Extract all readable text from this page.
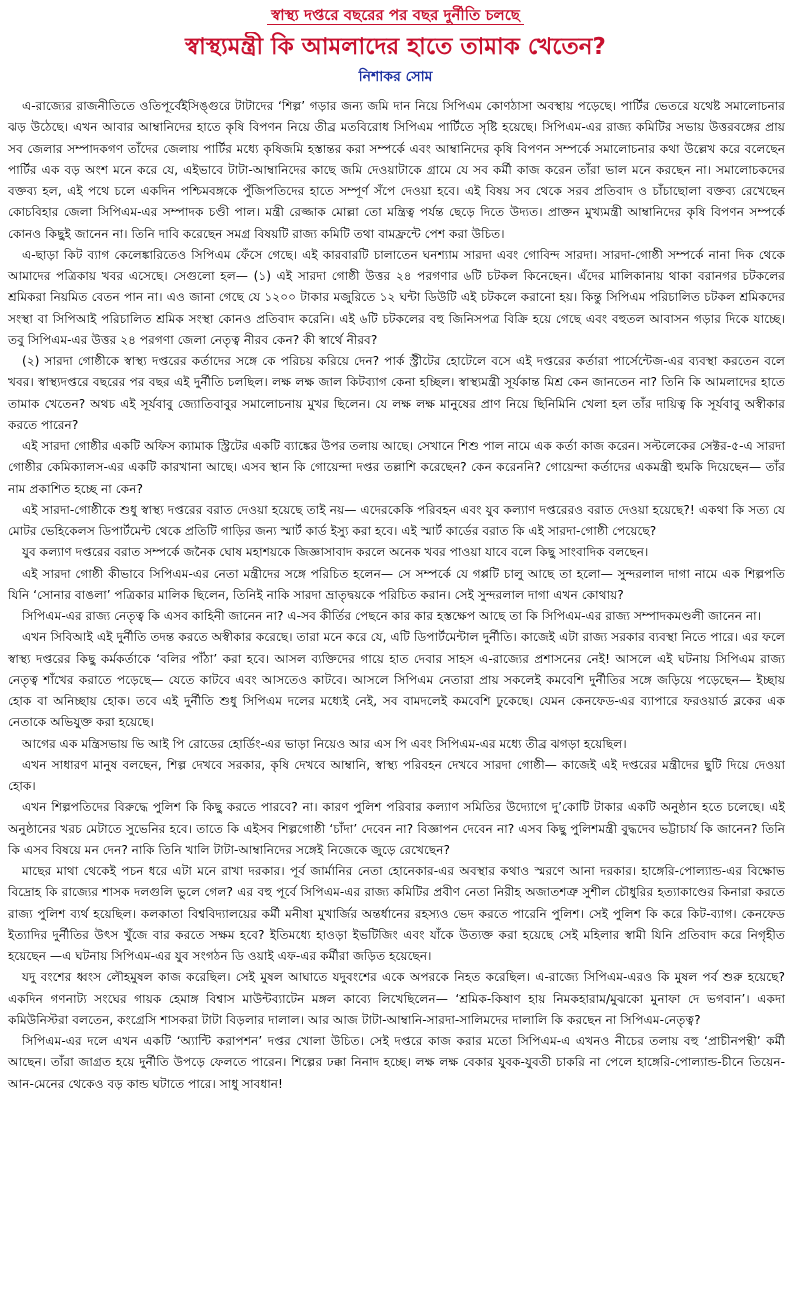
স্বাস্থ্য দপ্তরে বছরের পর বছর দুর্নীতি চলছে
স্বাস্থ্যমন্ত্রী কি আমলাদের হাতে তামাক খেতেন?
নিশাকর সোম

এ-রাজ্যের রাজনীতিতে ওতিপূর্বেইসিঙ্গুরে টাটাদের ‘শিল্প’ গড়ার জন্য জমি দান নিয়ে সিপিএম কোণঠাসা অবস্থায় পড়েছে। পার্টির ভেতরে যথেষ্ট সমালোচনার ঝড় উঠেছে। এখন আবার আম্বানিদের হাতে কৃষি বিপণন নিয়ে তীব্র মতবিরোধ সিপিএম পার্টিতে সৃষ্টি হয়েছে। সিপিএম-এর রাজ্য কমিটির সভায় উত্তরবঙ্গের প্রায় সব জেলার সম্পাদকগণ তাঁদের জেলায় পার্টির মধ্যে কৃষিজমি হস্তান্তর করা সম্পর্কে এবং আম্বানিদের কৃষি বিপণন সম্পর্কে সমালোচনার কথা উল্লেখ করে বলেছেন পার্টির এক বড় অংশ মনে করে যে, এইভাবে টাটা-আম্বানিদের কাছে জমি দেওয়াটাকে গ্রামে যে সব কর্মী কাজ করেন তাঁরা ভাল মনে করছেন না। সমালোচকদের বক্তব্য হল, এই পথে চলে একদিন পশ্চিমবঙ্গকে পুঁজিপতিদের হাতে সম্পূর্ণ সঁপে দেওয়া হবে। এই বিষয় সব থেকে সরব প্রতিবাদ ও চাঁচাছোলা বক্তব্য রেখেছেন কোচবিহার জেলা সিপিএম-এর সম্পাদক চণ্ডী পাল। মন্ত্রী রেজ্জাক মোল্লা তো মন্ত্রিত্ব পর্যন্ত ছেড়ে দিতে উদ্যত। প্রাক্তন মুখ্যমন্ত্রী আম্বানিদের কৃষি বিপণন সম্পর্কে কোনও কিছুই জানেন না। তিনি দাবি করেছেন সমগ্র বিষয়টি রাজ্য কমিটি তথা বামফ্রন্টে পেশ করা উচিত।

এ-ছাড়া কিট ব্যাগ কেলেঙ্কারিতেও সিপিএম ফেঁসে গেছে। এই কারবারটি চালাতেন ঘনশ্যাম সারদা এবং গোবিন্দ সারদা। সারদা-গোষ্ঠী সম্পর্কে নানা দিক থেকে আমাদের পত্রিকায় খবর এসেছে। সেগুলো হল— (১) এই সারদা গোষ্ঠী উত্তর ২৪ পরগণার ৬টি চটকল কিনেছেন। এঁদের মালিকানায় থাকা বরানগর চটকলের শ্রমিকরা নিয়মিত বেতন পান না। এও জানা গেছে যে ১২০০ টাকার মজুরিতে ১২ ঘন্টা ডিউটি এই চটকলে করানো হয়। কিন্তু সিপিএম পরিচালিত চটকল শ্রমিকদের সংস্থা বা সিপিআই পরিচালিত শ্রমিক সংস্থা কোনও প্রতিবাদ করেনি। এই ৬টি চটকলের বহু জিনিসপত্র বিক্রি হয়ে গেছে এবং বহুতল আবাসন গড়ার দিকে যাচ্ছে। তবু সিপিএম-এর উত্তর ২৪ পরগণা জেলা নেতৃত্ব নীরব কেন? কী স্বার্থে নীরব?

(২) সারদা গোষ্ঠীকে স্বাস্থ্য দপ্তরের কর্তাদের সঙ্গে কে পরিচয় করিয়ে দেন? পার্ক স্ট্রীটের হোটেলে বসে এই দপ্তরের কর্তারা পার্সেন্টেজ-এর ব্যবস্থা করতেন বলে খবর। স্বাস্থ্যদপ্তরে বছরের পর বছর এই দুর্নীতি চলছিল। লক্ষ লক্ষ জাল কিটব্যাগ কেনা হচ্ছিল। স্বাস্থ্যমন্ত্রী সূর্যকান্ত মিশ্র কেন জানতেন না? তিনি কি আমলাদের হাতে তামাক খেতেন? অথচ এই সূর্যবাবু জ্যোতিবাবুর সমালোচনায় মুখর ছিলেন। যে লক্ষ লক্ষ মানুষের প্রাণ নিয়ে ছিনিমিনি খেলা হল তাঁর দায়িত্ব কি সূর্যবাবু অস্বীকার করতে পারেন?

এই সারদা গোষ্ঠীর একটি অফিস ক্যামাক স্ট্রিটের একটি ব্যাঙ্কের উপর তলায় আছে। সেখানে শিশু পাল নামে এক কর্তা কাজ করেন। সল্টলেকের সেক্টর-৫-এ সারদা গোষ্ঠীর কেমিক্যালস-এর একটি কারখানা আছে। এসব স্থান কি গোয়েন্দা দপ্তর তল্লাশি করেছেন? কেন করেননি? গোয়েন্দা কর্তাদের একমন্ত্রী হুমকি দিয়েছেন— তাঁর নাম প্রকাশিত হচ্ছে না কেন?

এই সারদা-গোষ্ঠীকে শুধু স্বাস্থ্য দপ্তরের বরাত দেওয়া হয়েছে তাই নয়— এদেরকেকি পরিবহন এবং যুব কল্যাণ দপ্তরেরও বরাত দেওয়া হয়েছে?! একথা কি সত্য যে মোটর ভেহিকেলস ডিপার্টমেন্ট থেকে প্রতিটি গাড়ির জন্য স্মার্ট কার্ড ইস্যু করা হবে। এই স্মার্ট কার্ডের বরাত কি এই সারদা-গোষ্ঠী পেয়েছে?

যুব কল্যাণ দপ্তরের বরাত সম্পর্কে জনৈক ঘোষ মহাশয়কে জিজ্ঞাসাবাদ করলে অনেক খবর পাওয়া যাবে বলে কিছু সাংবাদিক বলছেন।

এই সারদা গোষ্ঠী কীভাবে সিপিএম-এর নেতা মন্ত্রীদের সঙ্গে পরিচিত হলেন— সে সম্পর্কে যে গপ্পটি চালু আছে তা হলো— সুন্দরলাল দাগা নামে এক শিল্পপতি যিনি ‘সোনার বাঙলা’ পত্রিকার মালিক ছিলেন, তিনিই নাকি সারদা ভ্রাতৃদ্বয়কে পরিচিত করান। সেই সুন্দরলাল দাগা এখন কোথায়?

সিপিএম-এর রাজ্য নেতৃত্ব কি এসব কাহিনী জানেন না? এ-সব কীর্তির পেছনে কার কার হস্তক্ষেপ আছে তা কি সিপিএম-এর রাজ্য সম্পাদকমণ্ডলী জানেন না।

এখন সিবিআই এই দুর্নীতি তদন্ত করতে অস্বীকার করেছে। তারা মনে করে যে, এটি ডিপার্টমেন্টাল দুর্নীতি। কাজেই এটা রাজ্য সরকার ব্যবস্থা নিতে পারে। এর ফলে স্বাস্থ্য দপ্তরের কিছু কর্মকর্তাকে ‘বলির পাঁঠা’ করা হবে। আসল ব্যক্তিদের গায়ে হাত দেবার সাহস এ-রাজ্যের প্রশাসনের নেই! আসলে এই ঘটনায় সিপিএম রাজ্য নেতৃত্ব শাঁখের করাতে পড়েছে— যেতে কাটবে এবং আসতেও কাটবে। আসলে সিপিএম নেতারা প্রায় সকলেই কমবেশি দুর্নীতির সঙ্গে জড়িয়ে পড়েছেন— ইচ্ছায় হোক বা অনিচ্ছায় হোক। তবে এই দুর্নীতি শুধু সিপিএম দলের মধ্যেই নেই, সব বামদলেই কমবেশি ঢুকেছে। যেমন কেনফেড-এর ব্যাপারে ফরওয়ার্ড ব্লকের এক নেতাকে অভিযুক্ত করা হয়েছে।

আগের এক মন্ত্রিসভায় ভি আই পি রোডের হোর্ডিং-এর ভাড়া নিয়েও আর এস পি এবং সিপিএম-এর মধ্যে তীব্র ঝগড়া হয়েছিল।

এখন সাধারণ মানুষ বলছেন, শিল্প দেখবে সরকার, কৃষি দেখবে আম্বানি, স্বাস্থ্য পরিবহন দেখবে সারদা গোষ্ঠী— কাজেই এই দপ্তরের মন্ত্রীদের ছুটি দিয়ে দেওয়া হোক।

এখন শিল্পপতিদের বিরুদ্ধে পুলিশ কি কিছু করতে পারবে? না। কারণ পুলিশ পরিবার কল্যাণ সমিতির উদ্যোগে দু’কোটি টাকার একটি অনুষ্ঠান হতে চলেছে। এই অনুষ্ঠানের খরচ মেটাতে সুভেনির হবে। তাতে কি এইসব শিল্পগোষ্ঠী ‘চাঁদা’ দেবেন না? বিজ্ঞাপন দেবেন না? এসব কিছু পুলিশমন্ত্রী বুদ্ধদেব ভট্টাচার্য কি জানেন? তিনি কি এসব বিষয়ে মন দেন? নাকি তিনি খালি টাটা-আম্বানিদের সঙ্গেই নিজেকে জুড়ে রেখেছেন?

মাছের মাথা থেকেই পচন ধরে এটা মনে রাখা দরকার। পূর্ব জার্মানির নেতা হোনেকার-এর অবস্থার কথাও স্মরণে আনা দরকার। হাঙ্গেরি-পোল্যান্ড-এর বিক্ষোভ বিদ্রোহ কি রাজ্যের শাসক দলগুলি ভুলে গেল? এর বহু পূর্বে সিপিএম-এর রাজ্য কমিটির প্রবীণ নেতা নিরীহ অজাতশত্রু সুশীল চৌধুরির হত্যাকাণ্ডের কিনারা করতে রাজ্য পুলিশ ব্যর্থ হয়েছিল। কলকাতা বিশ্ববিদ্যালয়ের কর্মী মনীষা মুখার্জির অন্তর্ধানের রহস্যও ভেদ করতে পারেনি পুলিশ। সেই পুলিশ কি করে কিট-ব্যাগ। কেনফেড ইত্যাদির দুর্নীতির উৎস খুঁজে বার করতে সক্ষম হবে? ইতিমধ্যে হাওড়া ইভটিজিং এবং যাঁকে উত্যক্ত করা হয়েছে সেই মহিলার স্বামী যিনি প্রতিবাদ করে নিগৃহীত হয়েছেন —এ ঘটনায় সিপিএম-এর যুব সংগঠন ডি ওয়াই এফ-এর কর্মীরা জড়িত হয়েছেন।

যদু বংশের ধ্বংস লৌহমুষল কাজ করেছিল। সেই মুষল আঘাতে যদুবংশের একে অপরকে নিহত করেছিল। এ-রাজ্যে সিপিএম-এরও কি মুষল পর্ব শুরু হয়েছে? একদিন গণনাট্য সংঘের গায়ক হেমাঙ্গ বিশ্বাস মাউন্টব্যাটেন মঙ্গল কাব্যে লিখেছিলেন— ‘শ্রমিক-কিষাণ হায় নিমকহারাম/মুঝকো মুনাফা দে ভগবান’। একদা কমিউনিস্টরা বলতেন, কংগ্রেসি শাসকরা টাটা বিড়লার দালাল। আর আজ টাটা-আম্বানি-সারদা-সালিমদের দালালি কি করছেন না সিপিএম-নেতৃত্ব?

সিপিএম-এর দলে এখন একটি ‘অ্যান্টি করাপশন’ দপ্তর খোলা উচিত। সেই দপ্তরে কাজ করার মতো সিপিএম-এ এখনও নীচের তলায় বহু ‘প্রাচীনপন্থী’ কর্মী আছেন। তাঁরা জাগ্রত হয়ে দুর্নীতি উপড়ে ফেলতে পারেন। শিল্পের ঢক্কা নিনাদ হচ্ছে। লক্ষ লক্ষ বেকার যুবক-যুবতী চাকরি না পেলে হাঙ্গেরি-পোল্যান্ড-চীনে তিয়েন-আন-মেনের থেকেও বড় কান্ড ঘটাতে পারে। সাধু সাবধান!
